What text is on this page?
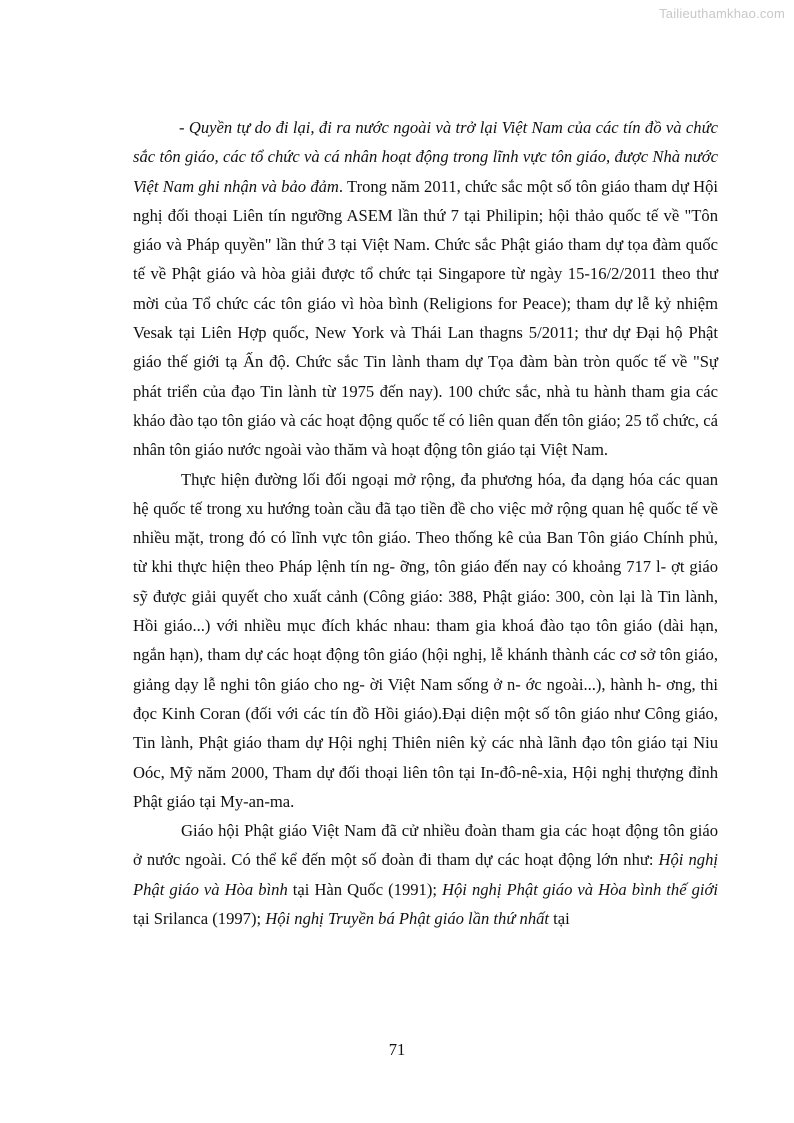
Tailieuthamkhao.com

- Quyền tự do đi lại, đi ra nước ngoài và trở lại Việt Nam của các tín đồ và chức sắc tôn giáo, các tổ chức và cá nhân hoạt động trong lĩnh vực tôn giáo, được Nhà nước Việt Nam ghi nhận và bảo đảm. Trong năm 2011, chức sắc một số tôn giáo tham dự Hội nghị đối thoại Liên tín ngưỡng ASEM lần thứ 7 tại Philipin; hội thảo quốc tế về "Tôn giáo và Pháp quyền" lần thứ 3 tại Việt Nam. Chức sắc Phật giáo tham dự tọa đàm quốc tế về Phật giáo và hòa giải được tổ chức tại Singapore từ ngày 15-16/2/2011 theo thư mời của Tổ chức các tôn giáo vì hòa bình (Religions for Peace); tham dự lễ kỷ nhiệm Vesak tại Liên Hợp quốc, New York và Thái Lan thagns 5/2011; thư dự Đại hộ Phật giáo thế giới tạ Ấn độ. Chức sắc Tin lành tham dự Tọa đàm bàn tròn quốc tế về "Sự phát triển của đạo Tin lành từ 1975 đến nay). 100 chức sắc, nhà tu hành tham gia các kháo đào tạo tôn giáo và các hoạt động quốc tế có liên quan đến tôn giáo; 25 tổ chức, cá nhân tôn giáo nước ngoài vào thăm và hoạt động tôn giáo tại Việt Nam.

Thực hiện đường lối đối ngoại mở rộng, đa phương hóa, đa dạng hóa các quan hệ quốc tế trong xu hướng toàn cầu đã tạo tiền đề cho việc mở rộng quan hệ quốc tế về nhiều mặt, trong đó có lĩnh vực tôn giáo. Theo thống kê của Ban Tôn giáo Chính phủ, từ khi thực hiện theo Pháp lệnh tín ng- ỡng, tôn giáo đến nay có khoảng 717 l- ợt giáo sỹ được giải quyết cho xuất cảnh (Công giáo: 388, Phật giáo: 300, còn lại là Tin lành, Hồi giáo...) với nhiều mục đích khác nhau: tham gia khoá đào tạo tôn giáo (dài hạn, ngắn hạn), tham dự các hoạt động tôn giáo (hội nghị, lễ khánh thành các cơ sở tôn giáo, giảng dạy lễ nghi tôn giáo cho ng- ời Việt Nam sống ở n- ớc ngoài...), hành h- ơng, thi đọc Kinh Coran (đối với các tín đồ Hồi giáo).Đại diện một số tôn giáo như Công giáo, Tin lành, Phật giáo tham dự Hội nghị Thiên niên kỷ các nhà lãnh đạo tôn giáo tại Niu Oóc, Mỹ năm 2000, Tham dự đối thoại liên tôn tại In-đô-nê-xia, Hội nghị thượng đỉnh Phật giáo tại My-an-ma.

Giáo hội Phật giáo Việt Nam đã cử nhiều đoàn tham gia các hoạt động tôn giáo ở nước ngoài. Có thể kể đến một số đoàn đi tham dự các hoạt động lớn như: Hội nghị Phật giáo và Hòa bình tại Hàn Quốc (1991); Hội nghị Phật giáo và Hòa bình thế giới tại Srilanca (1997); Hội nghị Truyền bá Phật giáo lần thứ nhất tại

71
